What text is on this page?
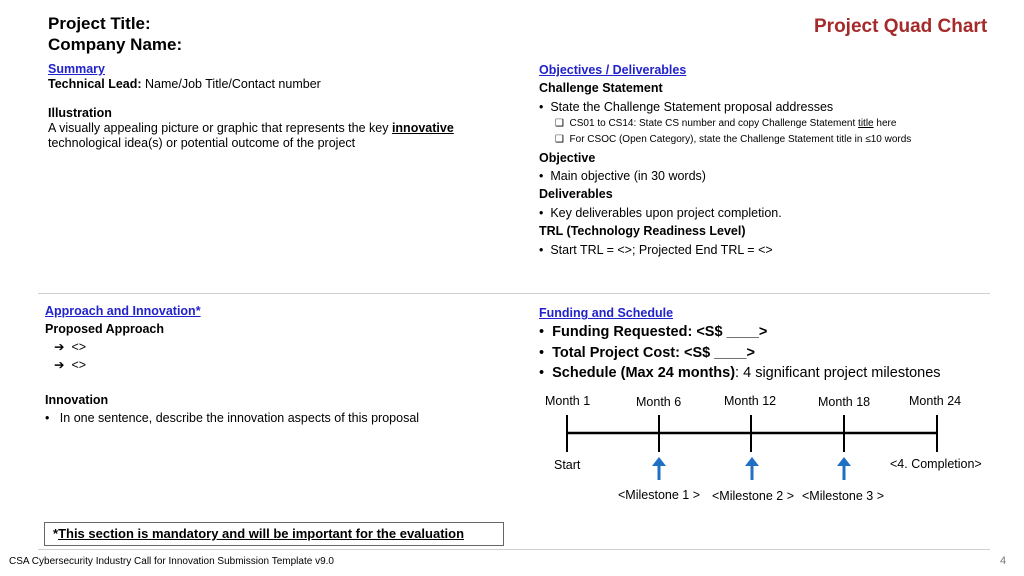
Project Title:
Company Name:
Project Quad Chart
Summary
Technical Lead: Name/Job Title/Contact number
Illustration
A visually appealing picture or graphic that represents the key innovative
technological idea(s) or potential outcome of the project
Objectives / Deliverables
Challenge Statement
•  State the Challenge Statement proposal addresses
❑  CS01 to CS14: State CS number and copy Challenge Statement title here
❑  For CSOC (Open Category), state the Challenge Statement title in ≤10 words
Objective
•  Main objective (in 30 words)
Deliverables
•  Key deliverables upon project completion.
TRL (Technology Readiness Level)
•  Start TRL = <>; Projected End TRL = <>
Approach and Innovation*
Proposed Approach
➔ <>
➔ <>
Innovation
•   In one sentence, describe the innovation aspects of this proposal
Funding and Schedule
•  Funding Requested: <S$ ____>
•  Total Project Cost: <S$ ____>
•  Schedule (Max 24 months): 4 significant project milestones
Month 1	Month 6	Month 12	Month 18	Month 24
Start	<4. Completion>
<Milestone 1 > <Milestone 2 > <Milestone 3 >
*This section is mandatory and will be important for the evaluation
CSA Cybersecurity Industry Call for Innovation Submission Template v9.0	4
